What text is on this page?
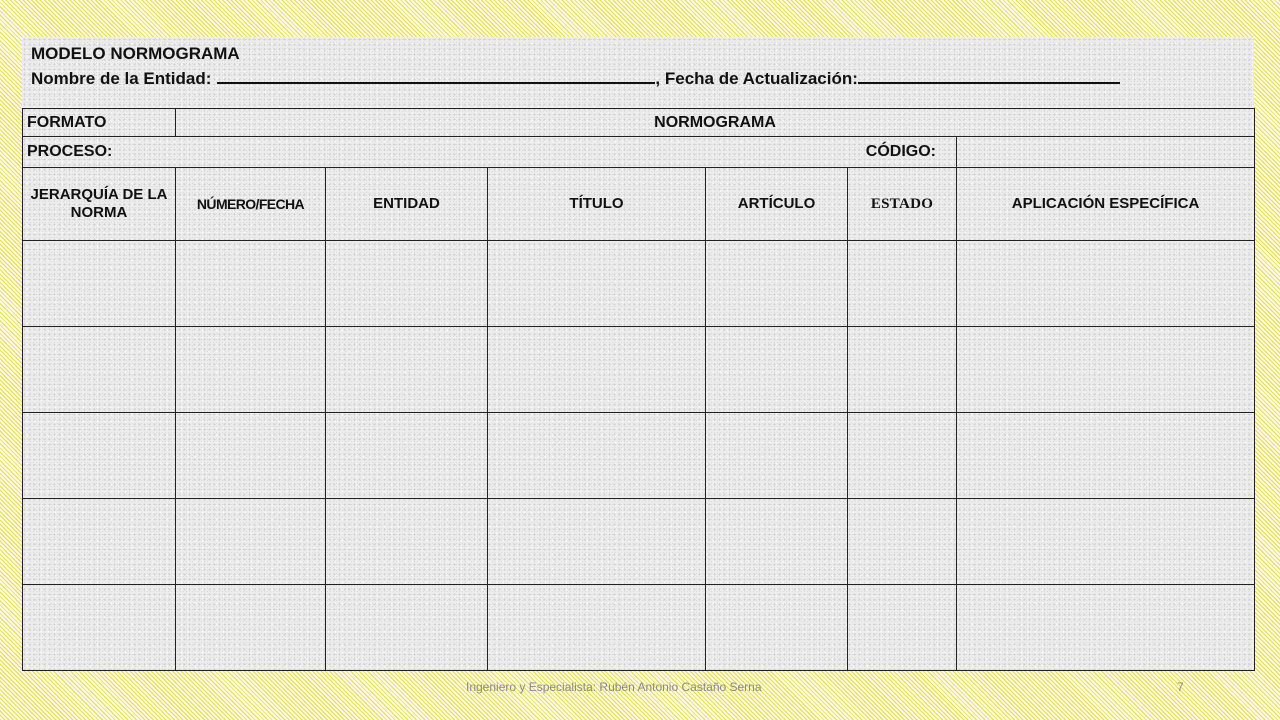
MODELO NORMOGRAMA
Nombre de la Entidad:	, Fecha de Actualización:
FORMATO	NORMOGRAMA					

PROCESO: CÓDIGO:						

JERARQUÍA DE LA NORMA	NÚMERO/FECHA	ENTIDAD	TÍTULO	ARTÍCULO	ESTADO	APLICACIÓN ESPECÍFICA

Ingeniero y Especialista: Rubén Antonio Castaño Serna	7
